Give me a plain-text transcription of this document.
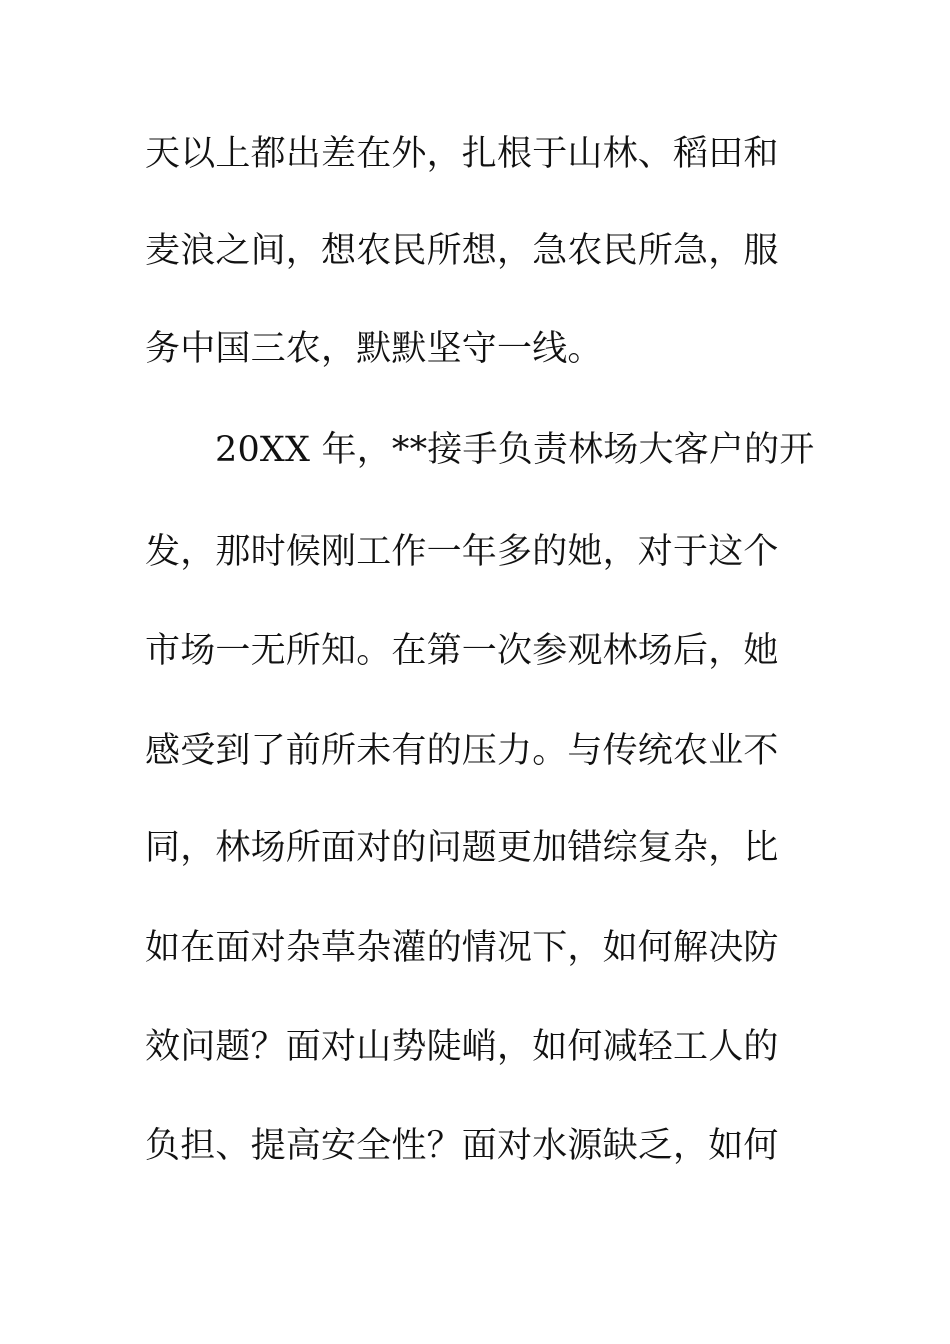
天以上都出差在外，扎根于山林、稻田和
麦浪之间，想农民所想，急农民所急，服
务中国三农，默默坚守一线。
20XX 年，**接手负责林场大客户的开
发，那时候刚工作一年多的她，对于这个
市场一无所知。在第一次参观林场后，她
感受到了前所未有的压力。与传统农业不
同，林场所面对的问题更加错综复杂，比
如在面对杂草杂灌的情况下，如何解决防
效问题？面对山势陡峭，如何减轻工人的
负担、提高安全性？面对水源缺乏，如何
